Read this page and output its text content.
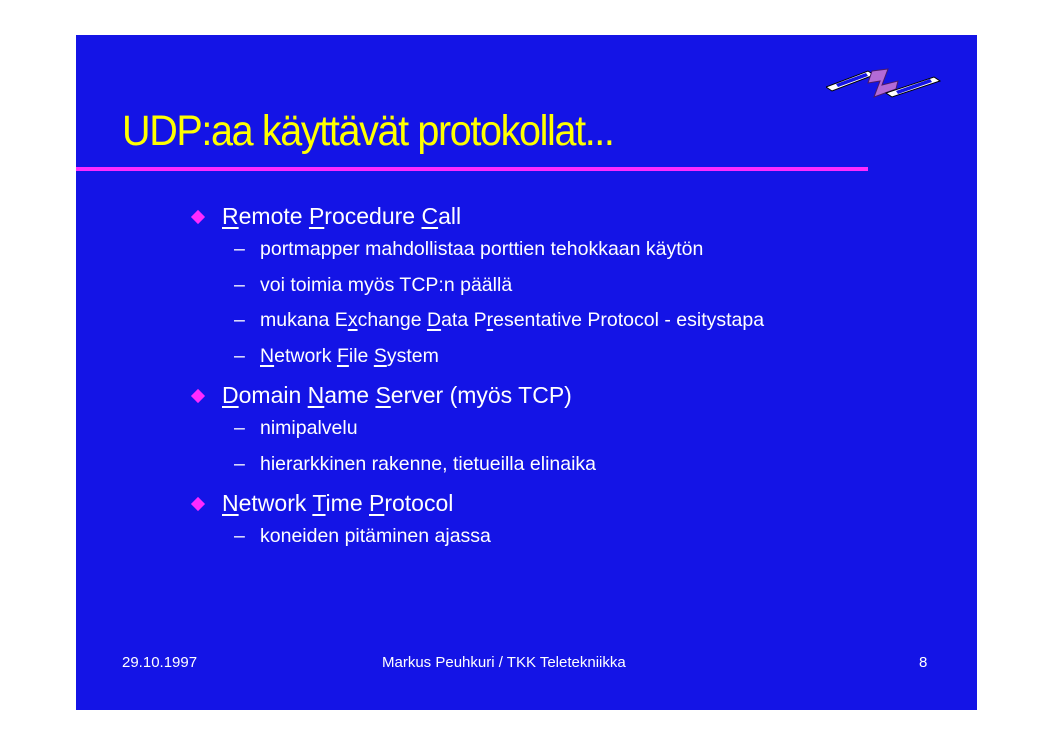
UDP:aa käyttävät protokollat...
Remote Procedure Call
– portmapper mahdollistaa porttien tehokkaan käytön
– voi toimia myös TCP:n päällä
– mukana Exchange Data Presentative Protocol - esitystapa
– Network File System
Domain Name Server (myös TCP)
– nimipalvelu
– hierarkkinen rakenne, tietueilla elinaika
Network Time Protocol
– koneiden pitäminen ajassa
29.10.1997	Markus Peuhkuri / TKK Teletekniikka	8
